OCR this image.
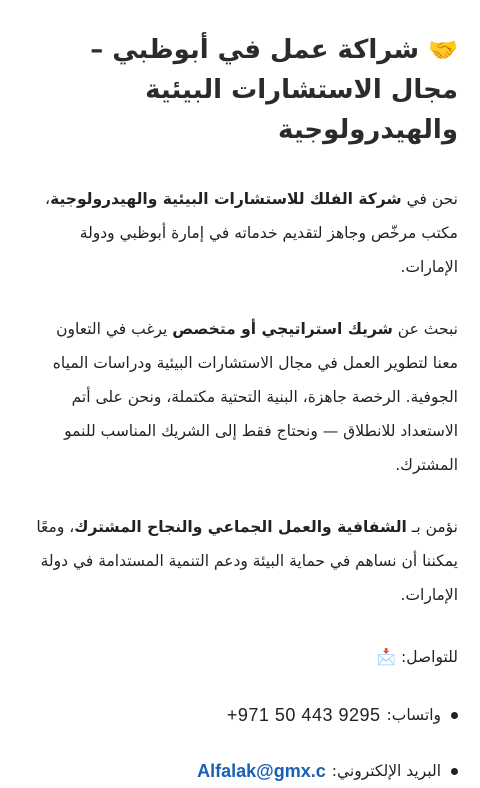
🤝 شراكة عمل في أبوظبي – مجال الاستشارات البيئية والهيدرولوجية

نحن في شركة الفلك للاستشارات البيئية والهيدرولوجية، مكتب مرخّص وجاهز لتقديم خدماته في إمارة أبوظبي ودولة الإمارات.

نبحث عن شريك استراتيجي أو متخصص يرغب في التعاون معنا لتطوير العمل في مجال الاستشارات البيئية ودراسات المياه الجوفية. الرخصة جاهزة، البنية التحتية مكتملة، ونحن على أتم الاستعداد للانطلاق — ونحتاج فقط إلى الشريك المناسب للنمو المشترك.

نؤمن بـ الشفافية والعمل الجماعي والنجاح المشترك، ومعًا يمكننا أن نساهم في حماية البيئة ودعم التنمية المستدامة في دولة الإمارات.

للتواصل: 📩
واتساب:
+971 50 443 9295
البريد الإلكتروني:
Alfalak@gmx.c
